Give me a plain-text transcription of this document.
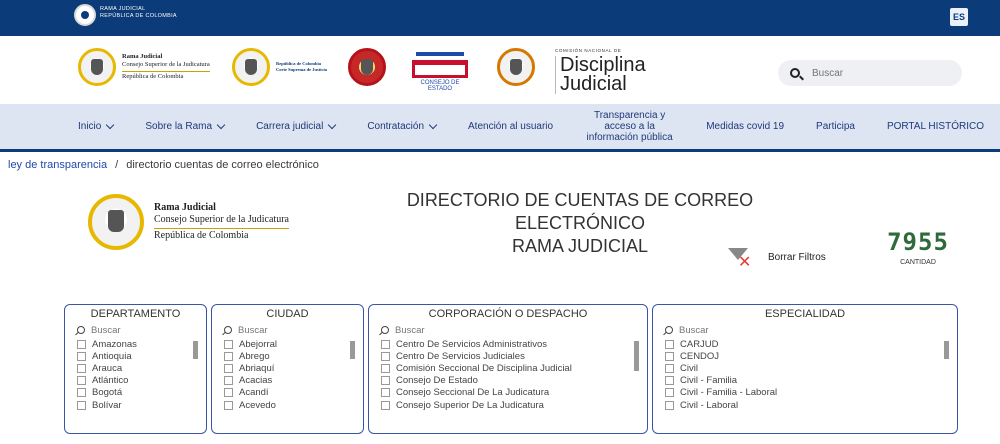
RAMA JUDICIAL
REPÚBLICA DE COLOMBIA	ES
Rama Judicial
Consejo Superior de la Judicatura
República de Colombia
República de Colombia
Corte Suprema de Justicia
CONSEJO DE ESTADO
COMISIÓN NACIONAL DE
Disciplina
Judicial
Buscar
Inicio	Sobre la Rama	Carrera judicial	Contratación	Atención al usuario
Transparencia y acceso a la información pública
Medidas covid 19	Participa	PORTAL HISTÓRICO
ley de transparencia / directorio cuentas de correo electrónico
Rama Judicial
Consejo Superior de la Judicatura
República de Colombia
DIRECTORIO DE CUENTAS DE CORREO ELECTRÓNICO
RAMA JUDICIAL
✕
Borrar Filtros
7955
CANTIDAD
DEPARTAMENTO
Buscar
Amazonas
Antioquia
Arauca
Atlántico
Bogotá
Bolívar
CIUDAD
Buscar
Abejorral
Abrego
Abriaquí
Acacias
Acandí
Acevedo
CORPORACIÓN O DESPACHO
Buscar
Centro De Servicios Administrativos
Centro De Servicios Judiciales
Comisión Seccional De Disciplina Judicial
Consejo De Estado
Consejo Seccional De La Judicatura
Consejo Superior De La Judicatura
ESPECIALIDAD
Buscar
CARJUD
CENDOJ
Civil
Civil - Familia
Civil - Familia - Laboral
Civil - Laboral
